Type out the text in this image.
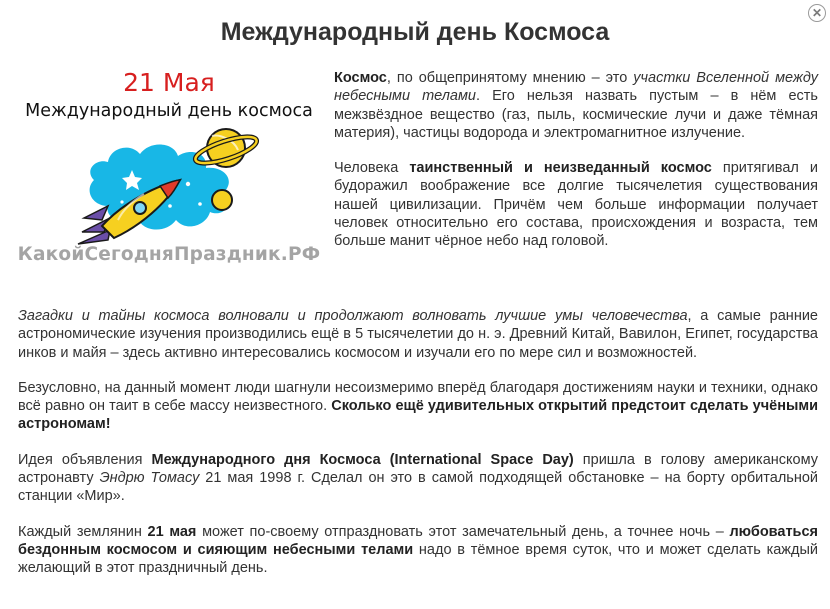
✕
Международный день Космоса
21 Мая
Международный день космоса
КакойСегодняПраздник.РФ

Космос, по общепринятому мнению – это участки Вселенной между небесными телами. Его нельзя назвать пустым – в нём есть межзвёздное вещество (газ, пыль, космические лучи и даже тёмная материя), частицы водорода и электромагнитное излучение.

Человека таинственный и неизведанный космос притягивал и будоражил воображение все долгие тысячелетия существования нашей цивилизации. Причём чем больше информации получает человек относительно его состава, происхождения и возраста, тем больше манит чёрное небо над головой.

Загадки и тайны космоса волновали и продолжают волновать лучшие умы человечества, а самые ранние астрономические изучения производились ещё в 5 тысячелетии до н. э. Древний Китай, Вавилон, Египет, государства инков и майя – здесь активно интересовались космосом и изучали его по мере сил и возможностей.

Безусловно, на данный момент люди шагнули несоизмеримо вперёд благодаря достижениям науки и техники, однако всё равно он таит в себе массу неизвестного. Сколько ещё удивительных открытий предстоит сделать учёными астрономам!

Идея объявления Международного дня Космоса (International Space Day) пришла в голову американскому астронавту Эндрю Томасу 21 мая 1998 г. Сделал он это в самой подходящей обстановке – на борту орбитальной станции «Мир».

Каждый землянин 21 мая может по-своему отпраздновать этот замечательный день, а точнее ночь – любоваться бездонным космосом и сияющим небесными телами надо в тёмное время суток, что и может сделать каждый желающий в этот праздничный день.
